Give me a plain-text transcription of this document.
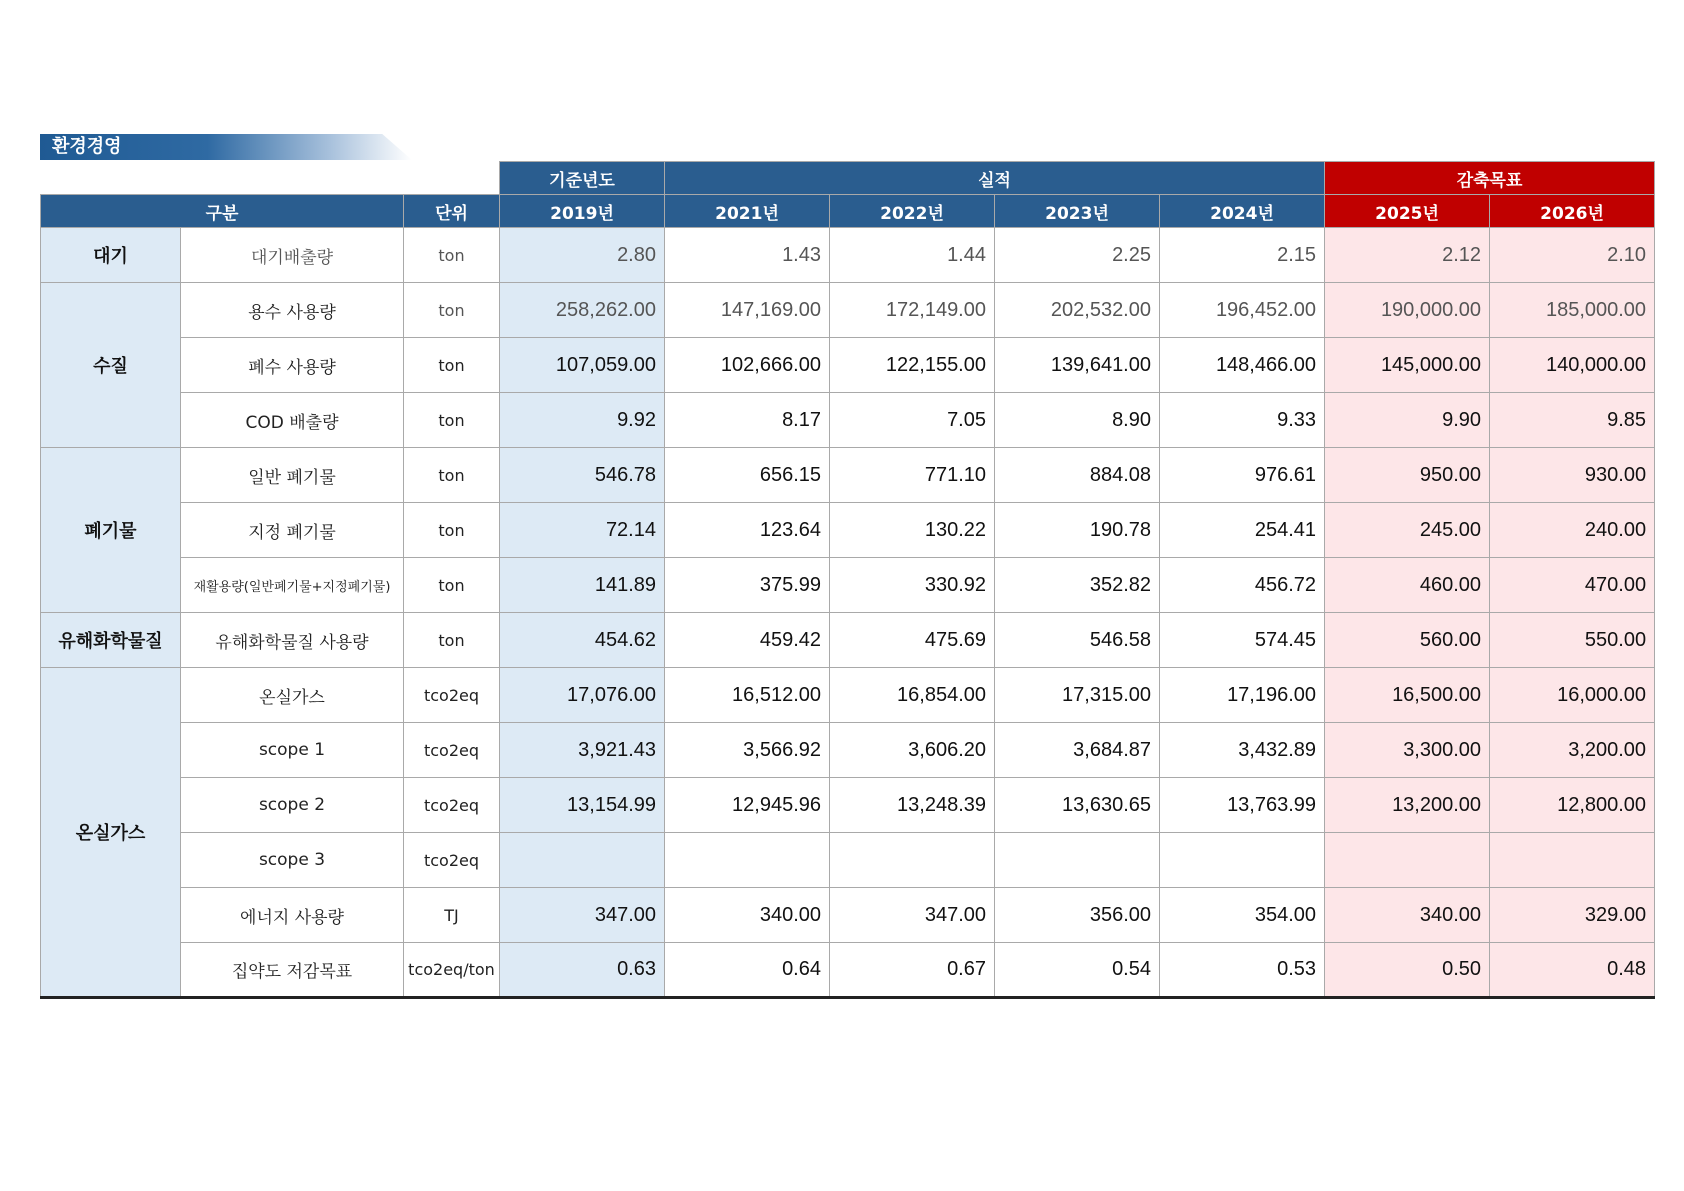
환경경영
			기준년도	실적				감축목표	
구분		단위	2019년	2021년	2022년	2023년	2024년	2025년	2026년
대기	대기배출량	ton	2.80	1.43	1.44	2.25	2.15	2.12	2.10
수질	용수 사용량	ton	258,262.00	147,169.00	172,149.00	202,532.00	196,452.00	190,000.00	185,000.00
	폐수 사용량	ton	107,059.00	102,666.00	122,155.00	139,641.00	148,466.00	145,000.00	140,000.00
	COD 배출량	ton	9.92	8.17	7.05	8.90	9.33	9.90	9.85
폐기물	일반 폐기물	ton	546.78	656.15	771.10	884.08	976.61	950.00	930.00
	지정 폐기물	ton	72.14	123.64	130.22	190.78	254.41	245.00	240.00
	재활용량(일반폐기물+지정폐기물)	ton	141.89	375.99	330.92	352.82	456.72	460.00	470.00
유해화학물질	유해화학물질 사용량	ton	454.62	459.42	475.69	546.58	574.45	560.00	550.00
온실가스	온실가스	tco2eq	17,076.00	16,512.00	16,854.00	17,315.00	17,196.00	16,500.00	16,000.00
	scope 1	tco2eq	3,921.43	3,566.92	3,606.20	3,684.87	3,432.89	3,300.00	3,200.00
	scope 2	tco2eq	13,154.99	12,945.96	13,248.39	13,630.65	13,763.99	13,200.00	12,800.00
	scope 3	tco2eq							
	에너지 사용량	TJ	347.00	340.00	347.00	356.00	354.00	340.00	329.00
	집약도 저감목표	tco2eq/ton	0.63	0.64	0.67	0.54	0.53	0.50	0.48
